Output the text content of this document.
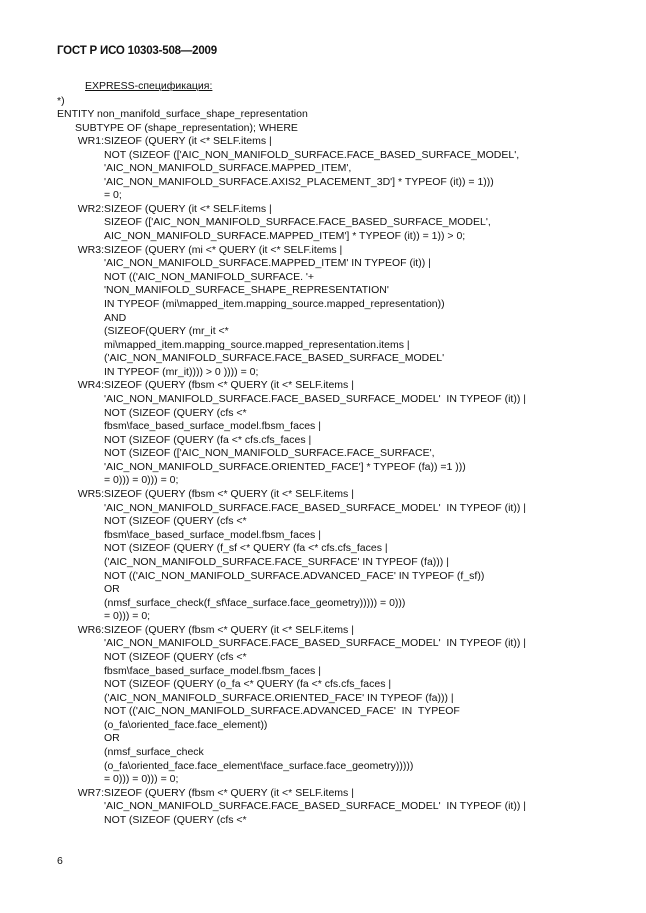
ГОСТ Р ИСО 10303-508—2009
EXPRESS-спецификация:
*)
ENTITY non_manifold_surface_shape_representation
SUBTYPE OF (shape_representation); WHERE
WR1: SIZEOF (QUERY (it <* SELF.items |
NOT (SIZEOF (['AIC_NON_MANIFOLD_SURFACE.FACE_BASED_SURFACE_MODEL',
'AIC_NON_MANIFOLD_SURFACE.MAPPED_ITEM',
'AIC_NON_MANIFOLD_SURFACE.AXIS2_PLACEMENT_3D'] * TYPEOF (it)) = 1)))
= 0;
WR2: SIZEOF (QUERY (it <* SELF.items |
SIZEOF (['AIC_NON_MANIFOLD_SURFACE.FACE_BASED_SURFACE_MODEL',
AIC_NON_MANIFOLD_SURFACE.MAPPED_ITEM'] * TYPEOF (it)) = 1)) > 0;
WR3: SIZEOF (QUERY (mi <* QUERY (it <* SELF.items |
'AIC_NON_MANIFOLD_SURFACE.MAPPED_ITEM' IN TYPEOF (it)) |
NOT (('AIC_NON_MANIFOLD_SURFACE. '+
'NON_MANIFOLD_SURFACE_SHAPE_REPRESENTATION'
IN TYPEOF (mi\mapped_item.mapping_source.mapped_representation))
AND
(SIZEOF(QUERY (mr_it <*
mi\mapped_item.mapping_source.mapped_representation.items |
('AIC_NON_MANIFOLD_SURFACE.FACE_BASED_SURFACE_MODEL'
IN TYPEOF (mr_it)))) > 0 )))) = 0;
WR4: SIZEOF (QUERY (fbsm <* QUERY (it <* SELF.items |
'AIC_NON_MANIFOLD_SURFACE.FACE_BASED_SURFACE_MODEL'  IN TYPEOF (it)) |
NOT (SIZEOF (QUERY (cfs <*
fbsm\face_based_surface_model.fbsm_faces |
NOT (SIZEOF (QUERY (fa <* cfs.cfs_faces |
NOT (SIZEOF (['AIC_NON_MANIFOLD_SURFACE.FACE_SURFACE',
'AIC_NON_MANIFOLD_SURFACE.ORIENTED_FACE'] * TYPEOF (fa)) =1 )))
= 0))) = 0))) = 0;
WR5: SIZEOF (QUERY (fbsm <* QUERY (it <* SELF.items |
'AIC_NON_MANIFOLD_SURFACE.FACE_BASED_SURFACE_MODEL'  IN TYPEOF (it)) |
NOT (SIZEOF (QUERY (cfs <*
fbsm\face_based_surface_model.fbsm_faces |
NOT (SIZEOF (QUERY (f_sf <* QUERY (fa <* cfs.cfs_faces |
('AIC_NON_MANIFOLD_SURFACE.FACE_SURFACE' IN TYPEOF (fa))) |
NOT (('AIC_NON_MANIFOLD_SURFACE.ADVANCED_FACE' IN TYPEOF (f_sf))
OR
(nmsf_surface_check(f_sf\face_surface.face_geometry))))) = 0)))
= 0))) = 0;
WR6: SIZEOF (QUERY (fbsm <* QUERY (it <* SELF.items |
'AIC_NON_MANIFOLD_SURFACE.FACE_BASED_SURFACE_MODEL'  IN TYPEOF (it)) |
NOT (SIZEOF (QUERY (cfs <*
fbsm\face_based_surface_model.fbsm_faces |
NOT (SIZEOF (QUERY (o_fa <* QUERY (fa <* cfs.cfs_faces |
('AIC_NON_MANIFOLD_SURFACE.ORIENTED_FACE' IN TYPEOF (fa))) |
NOT (('AIC_NON_MANIFOLD_SURFACE.ADVANCED_FACE'  IN  TYPEOF
(o_fa\oriented_face.face_element))
OR
(nmsf_surface_check
(o_fa\oriented_face.face_element\face_surface.face_geometry)))))
= 0))) = 0))) = 0;
WR7: SIZEOF (QUERY (fbsm <* QUERY (it <* SELF.items |
'AIC_NON_MANIFOLD_SURFACE.FACE_BASED_SURFACE_MODEL'  IN TYPEOF (it)) |
NOT (SIZEOF (QUERY (cfs <*
6
